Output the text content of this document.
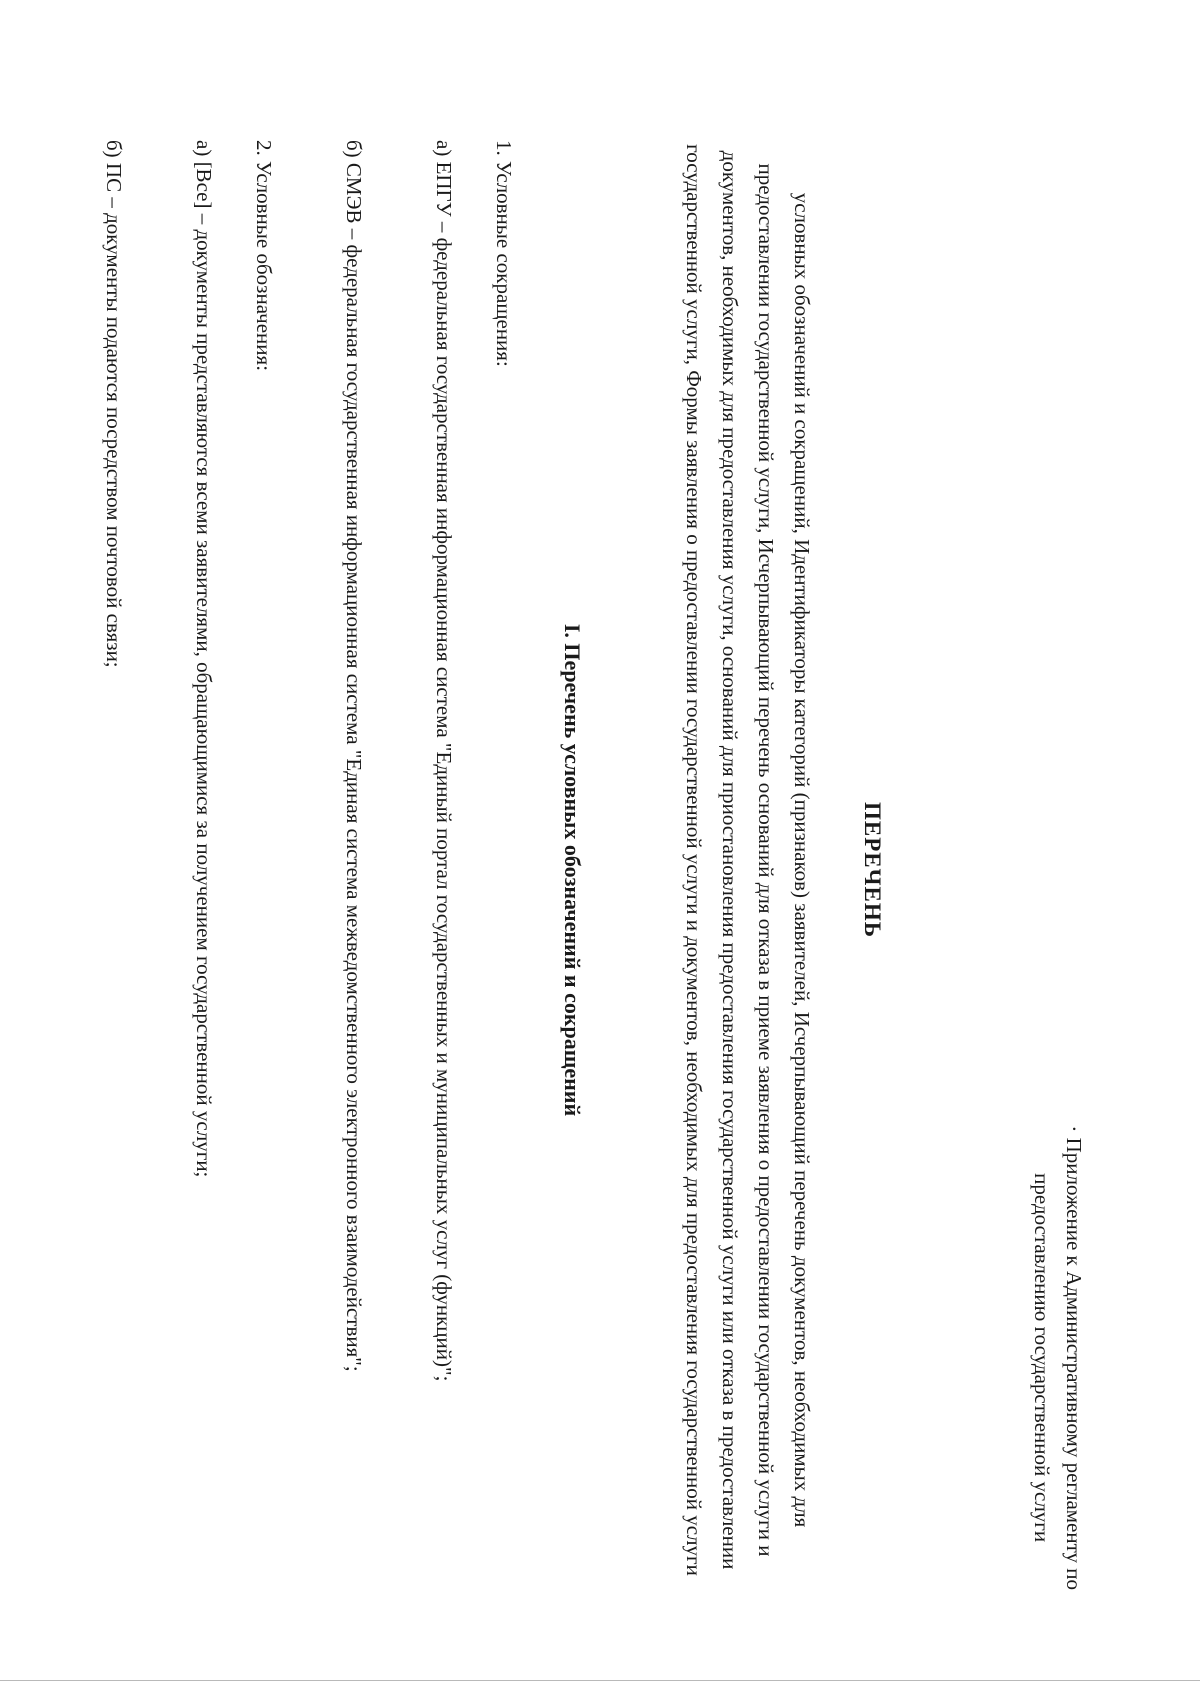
· Приложение к Административному регламенту по
предоставлению государственной услуги
ПЕРЕЧЕНЬ
условных обозначений и сокращений, Идентификаторы категорий (признаков) заявителей, Исчерпывающий перечень документов, необходимых для предоставлении государственной услуги, Исчерпывающий перечень оснований для отказа в приеме заявления о предоставлении государственной услуги и документов, необходимых для предоставления услуги, оснований для приостановления предоставления государственной услуги или отказа в предоставлении государственной услуги, Формы заявления о предоставлении государственной услуги и документов, необходимых для предоставления государственной услуги
I. Перечень условных обозначений и сокращений
1. Условные сокращения:
а) ЕПГУ – федеральная государственная информационная система "Единый портал государственных и муниципальных услуг (функций)";
б) СМЭВ – федеральная государственная информационная система "Единая система межведомственного электронного взаимодействия";
2. Условные обозначения:
а) [Все] – документы представляются всеми заявителями, обращающимися за получением государственной услуги;
б) ПС – документы подаются посредством почтовой связи;
